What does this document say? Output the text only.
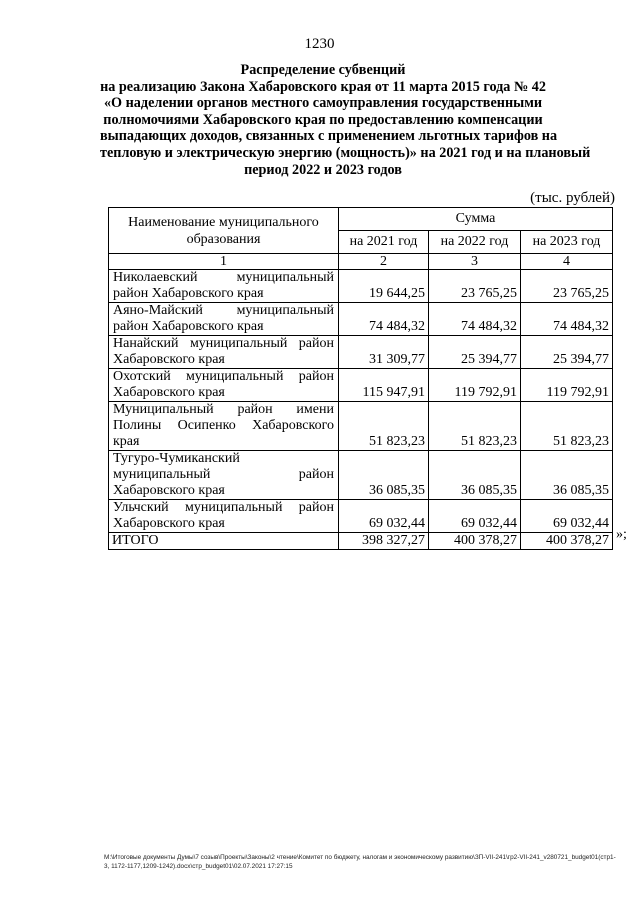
1230
Распределение субвенций
на реализацию Закона Хабаровского края от 11 марта 2015 года № 42
«О наделении органов местного самоуправления государственными
полномочиями Хабаровского края по предоставлению компенсации
выпадающих доходов, связанных с применением льготных тарифов на
тепловую и электрическую энергию (мощность)» на 2021 год и на плановый
период 2022 и 2023 годов
(тыс. рублей)
Наименование муниципального образования	Сумма		
	на 2021 год	на 2022 год	на 2023 год
1	2	3	4
Николаевский муниципальный район Хабаровского края	19 644,25	23 765,25	23 765,25
Аяно-Майский муниципальный район Хабаровского края	74 484,32	74 484,32	74 484,32
Нанайский муниципальный район Хабаровского края	31 309,77	25 394,77	25 394,77
Охотский муниципальный район Хабаровского края	115 947,91	119 792,91	119 792,91
Муниципальный район имени Полины Осипенко Хабаровского края	51 823,23	51 823,23	51 823,23
Тугуро-Чумиканский муниципальный район Хабаровского края	36 085,35	36 085,35	36 085,35
Ульчский муниципальный район Хабаровского края	69 032,44	69 032,44	69 032,44
ИТОГО	398 327,27	400 378,27	400 378,27 »;
M:\Итоговые документы Думы\7 созыв\Проекты\Законы\2 чтение\Комитет по бюджету, налогам и экономическому развитию\ЗП-VII-241\гр2-VII-241_v280721_budget01(стр1-3, 1172-1177,1209-1242).docx\стр_budget01\02.07.2021 17:27:15
